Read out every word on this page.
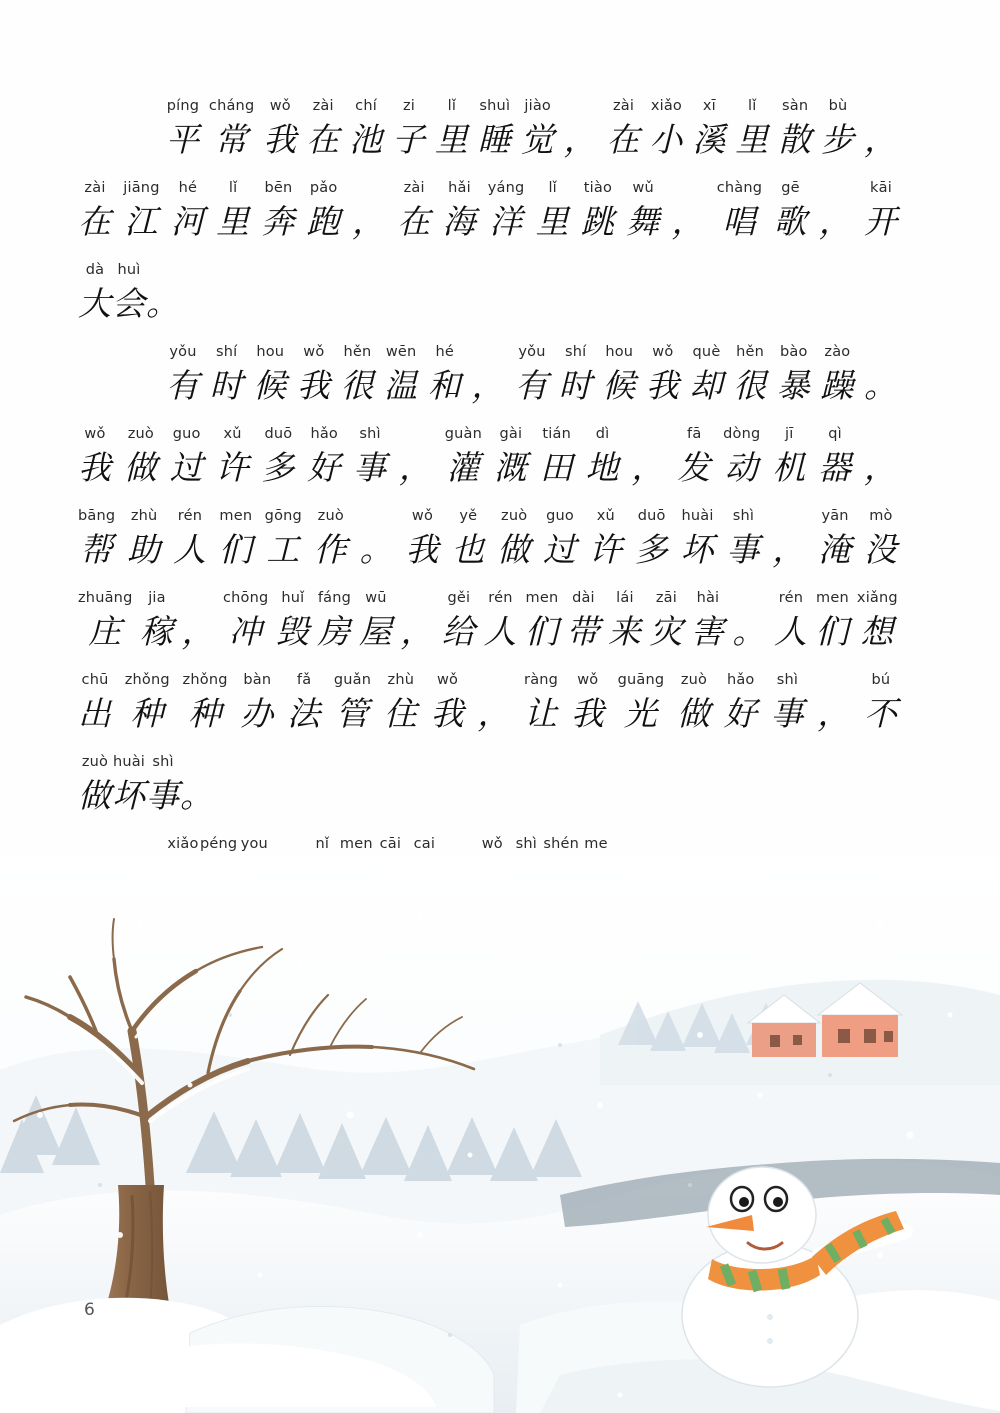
píng
平
cháng
常
wǒ
我
zài
在
chí
池
zi
子
lǐ
里
shuì
睡
jiào
觉 ，
zài
在
xiǎo
小
xī
溪
lǐ
里
sàn
散
bù
步 ，
zài
在
jiāng
江
hé
河
lǐ
里
bēn
奔
pǎo
跑 ，
zài
在
hǎi
海
yáng
洋
lǐ
里
tiào
跳
wǔ
舞 ，
chàng
唱
gē
歌 ，
kāi
开
dà
大
huì
会 。
yǒu
有
shí
时
hou
候
wǒ
我
hěn
很
wēn
温
hé
和 ，
yǒu
有
shí
时
hou
候
wǒ
我
què
却
hěn
很
bào
暴
zào
躁 。
wǒ
我
zuò
做
guo
过
xǔ
许
duō
多
hǎo
好
shì
事 ，
guàn
灌
gài
溉
tián
田
dì
地 ，
fā
发
dòng
动
jī
机
qì
器 ，
bāng
帮
zhù
助
rén
人
men
们
gōng
工
zuò
作 。
wǒ
我
yě
也
zuò
做
guo
过
xǔ
许
duō
多
huài
坏
shì
事 ，
yān
淹
mò
没
zhuāng
庄
jia
稼 ，
chōng
冲
huǐ
毁
fáng
房
wū
屋 ，
gěi
给
rén
人
men
们
dài
带
lái
来
zāi
灾
hài
害 。
rén
人
men
们
xiǎng
想
chū
出
zhǒng
种
zhǒng
种
bàn
办
fǎ
法
guǎn
管
zhù
住
wǒ
我 ，
ràng
让
wǒ
我
guāng
光
zuò
做
hǎo
好
shì
事 ，
bú
不
zuò
做
huài
坏
shì
事 。
xiǎo péng you	nǐ men cāi cai	wǒ shì shén me
6
